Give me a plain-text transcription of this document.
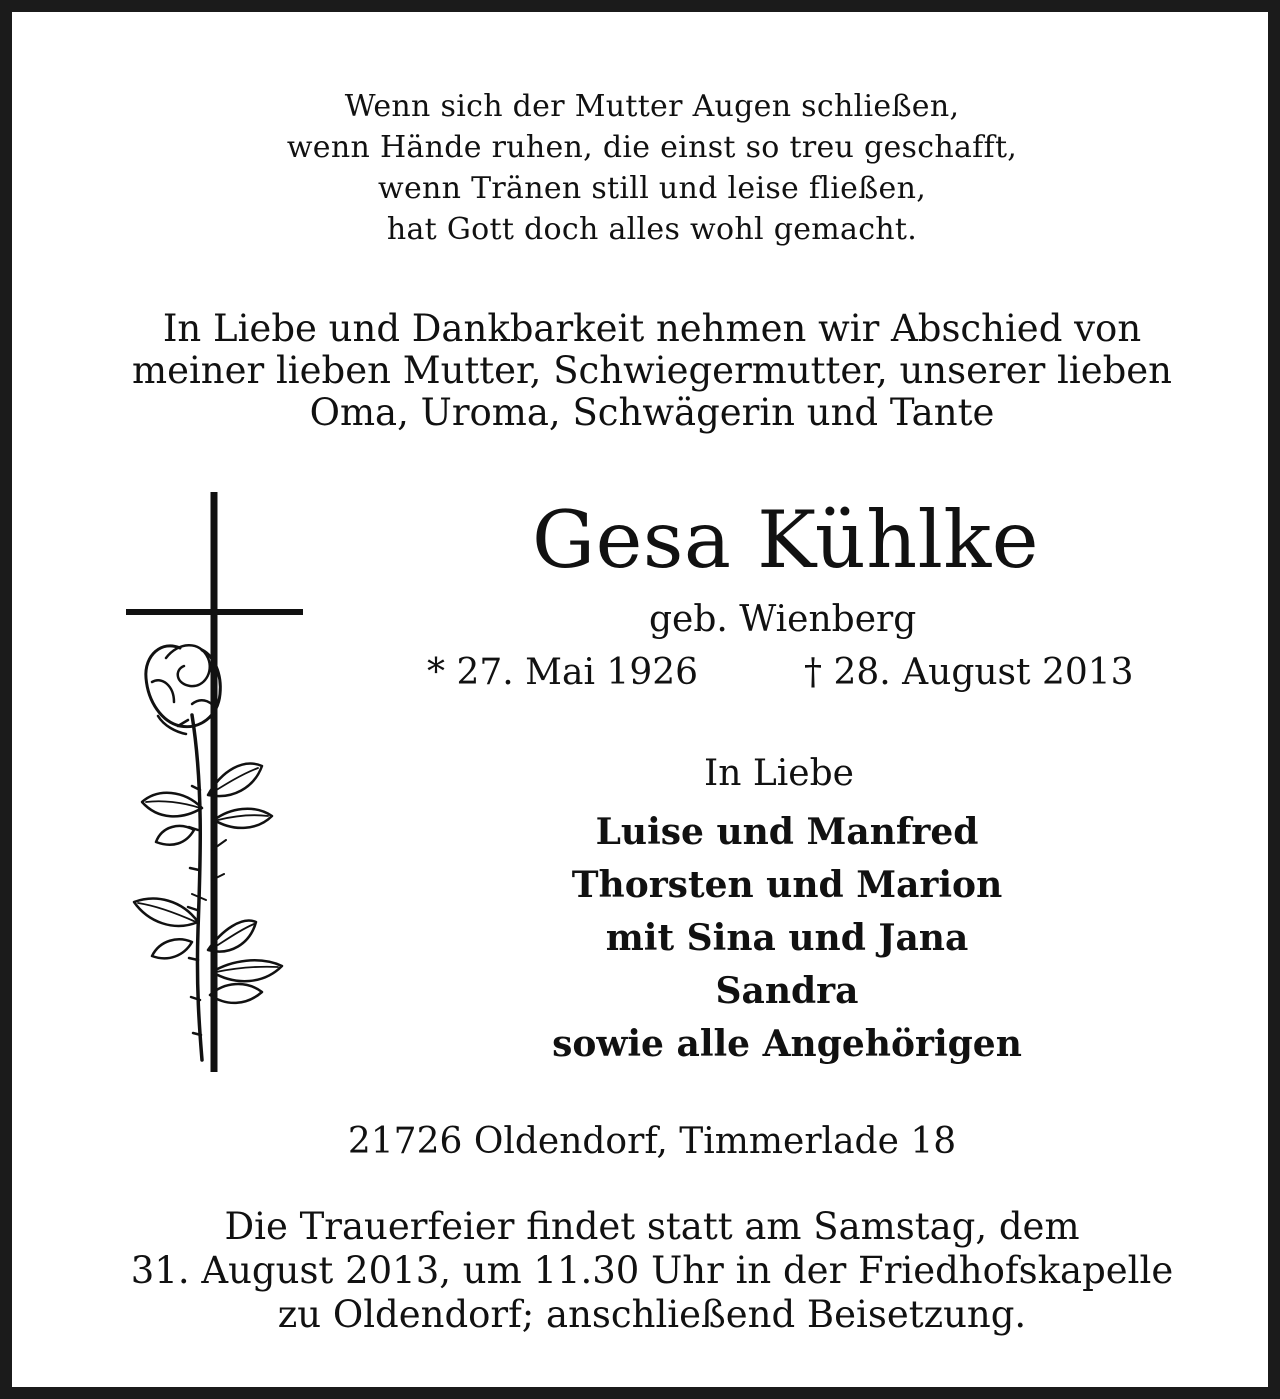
Wenn sich der Mutter Augen schließen,

wenn Hände ruhen, die einst so treu geschafft,

wenn Tränen still und leise fließen,

hat Gott doch alles wohl gemacht.

In Liebe und Dankbarkeit nehmen wir Abschied von

meiner lieben Mutter, Schwiegermutter, unserer lieben

Oma, Uroma, Schwägerin und Tante

Gesa Kühlke
geb. Wienberg
* 27. Mai 1926	† 28. August 2013
In Liebe

Luise und Manfred

Thorsten und Marion

mit Sina und Jana

Sandra

sowie alle Angehörigen

21726 Oldendorf, Timmerlade 18

Die Trauerfeier findet statt am Samstag, dem

31. August 2013, um 11.30 Uhr in der Friedhofskapelle

zu Oldendorf; anschließend Beisetzung.
